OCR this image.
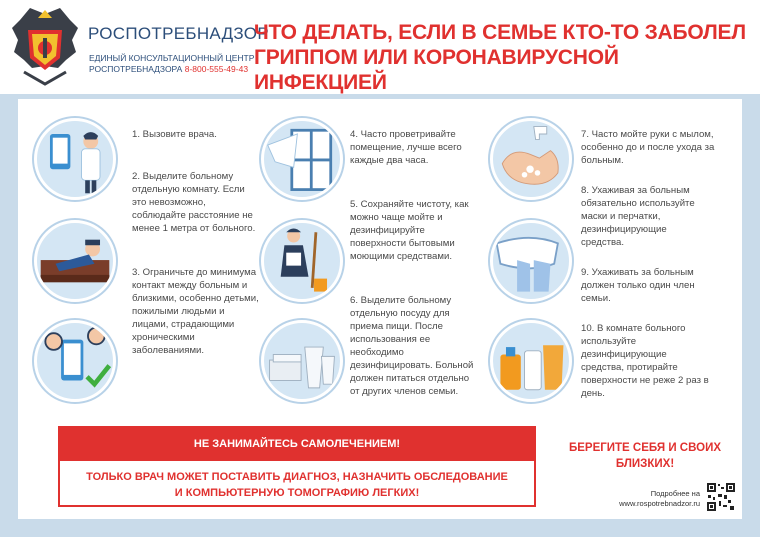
РОСПОТРЕБНАДЗОР
ЕДИНЫЙ КОНСУЛЬТАЦИОННЫЙ ЦЕНТР
РОСПОТРЕБНАДЗОРА 8-800-555-49-43
ЧТО ДЕЛАТЬ, ЕСЛИ В СЕМЬЕ КТО-ТО ЗАБОЛЕЛ
ГРИППОМ ИЛИ КОРОНАВИРУСНОЙ ИНФЕКЦИЕЙ
1. Вызовите врача.
2. Выделите больному отдельную комнату. Если это невозможно, соблюдайте расстояние не менее 1 метра от больного.
3. Ограничьте до минимума контакт между больным и близкими, особенно детьми, пожилыми людьми и лицами, страдающими хроническими заболеваниями.
4. Часто проветривайте помещение, лучше всего каждые два часа.
5. Сохраняйте чистоту, как можно чаще мойте и дезинфицируйте поверхности бытовыми моющими средствами.
6. Выделите больному отдельную посуду для приема пищи. После использования ее необходимо дезинфицировать. Больной должен питаться отдельно от других членов семьи.
7. Часто мойте руки с мылом, особенно до и после ухода за больным.
8. Ухаживая за больным обязательно используйте маски и перчатки, дезинфицирующие средства.
9. Ухаживать за больным должен только один член семьи.
10. В комнате больного используйте дезинфицирующие средства, протирайте поверхности не реже 2 раз в день.
НЕ ЗАНИМАЙТЕСЬ САМОЛЕЧЕНИЕМ!
ТОЛЬКО ВРАЧ МОЖЕТ ПОСТАВИТЬ ДИАГНОЗ, НАЗНАЧИТЬ ОБСЛЕДОВАНИЕ
И КОМПЬЮТЕРНУЮ ТОМОГРАФИЮ ЛЕГКИХ!
БЕРЕГИТЕ СЕБЯ И СВОИХ
БЛИЗКИХ!
Подробнее на
www.rospotrebnadzor.ru
